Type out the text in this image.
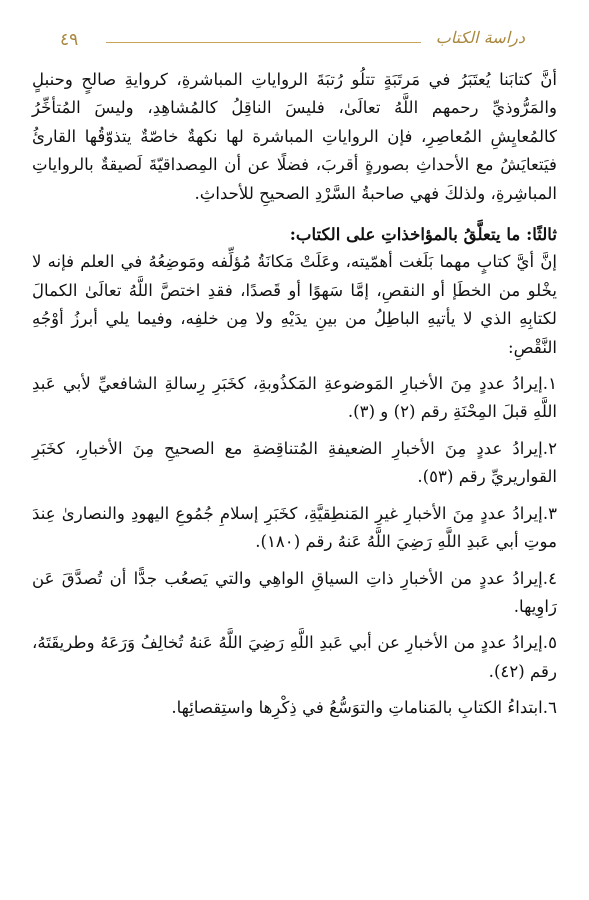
٤٩	دراسة الكتاب

أنَّ كتابَنا يُعتَبَرُ في مَرتَبَةٍ تتلُو رُتبَةَ الرواياتِ المباشرةِ، كروايةِ صالحٍ وحنبلٍ والمَرُّوذيِّ رحمهم اللَّهُ تعالَىٰ، فليسَ الناقِلُ كالمُشاهِدِ، وليسَ المُتأخِّرُ كالمُعايِشِ المُعاصِرِ، فإن الرواياتِ المباشرة لها نكهةٌ خاصّةٌ يتذوّقُها القارئُ فيَتعايَشُ مع الأحداثِ بصورةٍ أقربَ، فضلًا عن أن المِصداقيّةَ لَصيقةٌ بالرواياتِ المباشِرةِ، ولذلكَ فهي صاحبةُ السَّرْدِ الصحيحِ للأحداثِ.

ثالثًا: ما يتعلَّقُ بالمؤاخذاتِ على الكتاب:

إنَّ أيَّ كتابٍ مهما بَلَغت أهمّيته، وعَلَتْ مَكانَةُ مُؤلِّفه ومَوضِعُهُ في العلم فإنه لا يخْلو من الخطَإ أو النقصِ، إمَّا سَهوًا أو قَصدًا، فقدِ اختصَّ اللَّهُ تعالَىٰ الكمالَ لكتابِهِ الذي لا يأتيهِ الباطِلُ من بينِ يدَيْهِ ولا مِن خلفِه، وفيما يلي أبرزُ أوْجُهِ النَّقْصِ:

١.إيرادُ عددٍ مِنَ الأخبارِ المَوضوعةِ المَكذُوبةِ، كخَبَرِ رِسالةِ الشافعيِّ لأبي عَبدِ اللَّهِ قبلَ المِحْنَةِ رقم (٢) و (٣).

٢.إيرادُ عددٍ مِنَ الأخبارِ الضعيفةِ المُتناقِضةِ مع الصحيحِ مِنَ الأخبارِ، كخَبَرِ القواريريِّ رقم (٥٣).

٣.إيرادُ عددٍ مِنَ الأخبارِ غيرِ المَنطِقيَّةِ، كخَبَرِ إسلامِ جُمُوعِ اليهودِ والنصارىٰ عِندَ موتِ أبي عَبدِ اللَّهِ رَضِيَ اللَّهُ عَنهُ رقم (١٨٠).

٤.إيرادُ عددٍ من الأخبارِ ذاتِ السياقِ الواهِي والتي يَصعُب جدًّا أن تُصدَّقَ عَن رَاوِيها.

٥.إيرادُ عددٍ من الأخبارِ عن أبي عَبدِ اللَّهِ رَضِيَ اللَّهُ عَنهُ تُخالِفُ وَرَعَهُ وطريقَتَهُ، رقم (٤٢).

٦.ابتداءُ الكتابِ بالمَناماتِ والتوَسُّعُ في ذِكْرِها واستِقصائِها.
